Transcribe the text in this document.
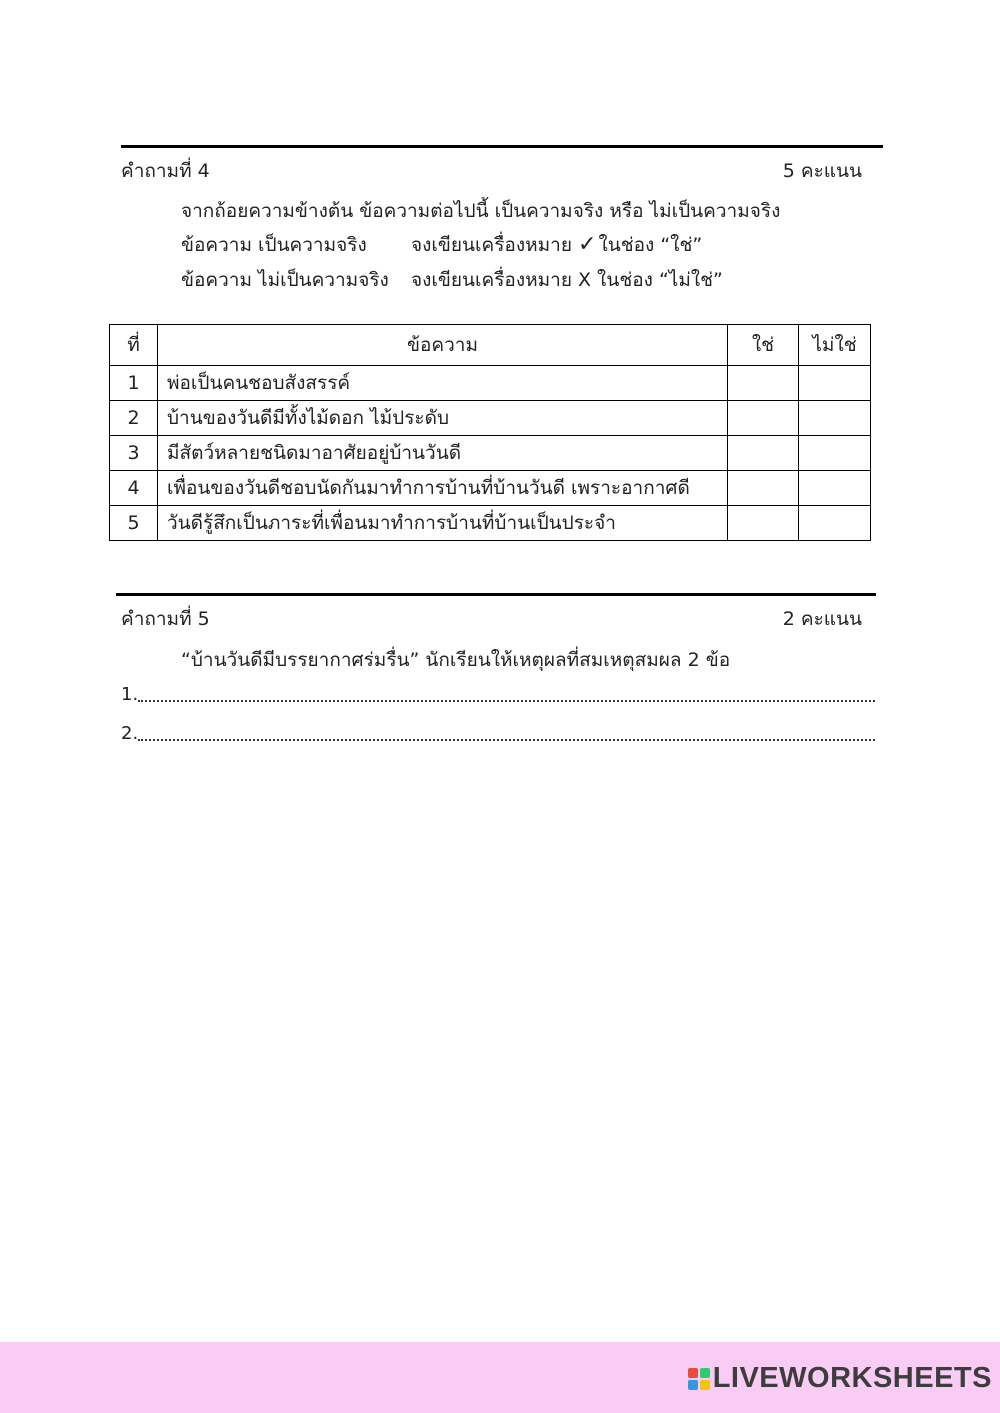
คำถามที่ 4	5 คะแนน
จากถ้อยความข้างต้น ข้อความต่อไปนี้ เป็นความจริง หรือ ไม่เป็นความจริง
ข้อความ เป็นความจริง จงเขียนเครื่องหมาย ✓ ในช่อง “ใช่”
ข้อความ ไม่เป็นความจริง จงเขียนเครื่องหมาย X ในช่อง “ไม่ใช่”
ที่	ข้อความ	ใช่	ไม่ใช่
1	พ่อเป็นคนชอบสังสรรค์		
2	บ้านของวันดีมีทั้งไม้ดอก ไม้ประดับ		
3	มีสัตว์หลายชนิดมาอาศัยอยู่บ้านวันดี		
4	เพื่อนของวันดีชอบนัดกันมาทำการบ้านที่บ้านวันดี เพราะอากาศดี		
5	วันดีรู้สึกเป็นภาระที่เพื่อนมาทำการบ้านที่บ้านเป็นประจำ		
คำถามที่ 5	2 คะแนน
“บ้านวันดีมีบรรยากาศร่มรื่น” นักเรียนให้เหตุผลที่สมเหตุสมผล 2 ข้อ
1.
2.
LIVEWORKSHEETS
